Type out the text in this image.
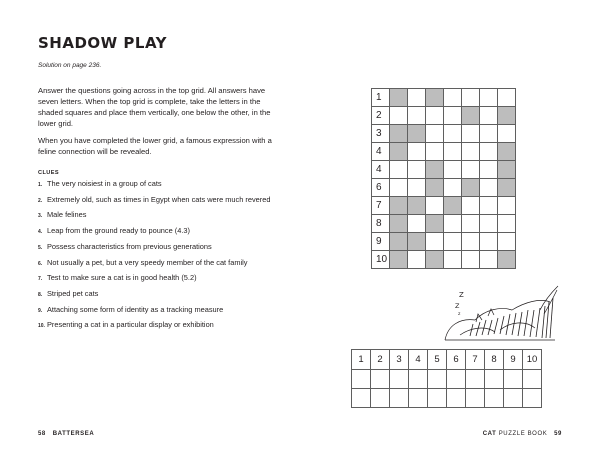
SHADOW PLAY
Solution on page 236.

Answer the questions going across in the top grid. All answers have seven letters. When the top grid is complete, take the letters in the shaded squares and place them vertically, one below the other, in the lower grid.

When you have completed the lower grid, a famous expression with a feline connection will be revealed.

CLUES
1. The very noisiest in a group of cats
2. Extremely old, such as times in Egypt when cats were much revered
3. Male felines
4. Leap from the ground ready to pounce (4.3)
5. Possess characteristics from previous generations
6. Not usually a pet, but a very speedy member of the cat family
7. Test to make sure a cat is in good health (5.2)
8. Striped pet cats
9. Attaching some form of identity as a tracking measure
10. Presenting a cat in a particular display or exhibition
1							
2							
3							
4							
4							
6							
7							
8							
9							
10							
Z
Z
z
1	2	3	4	5	6	7	8	9	10

58 BATTERSEA	CAT PUZZLE BOOK 59
